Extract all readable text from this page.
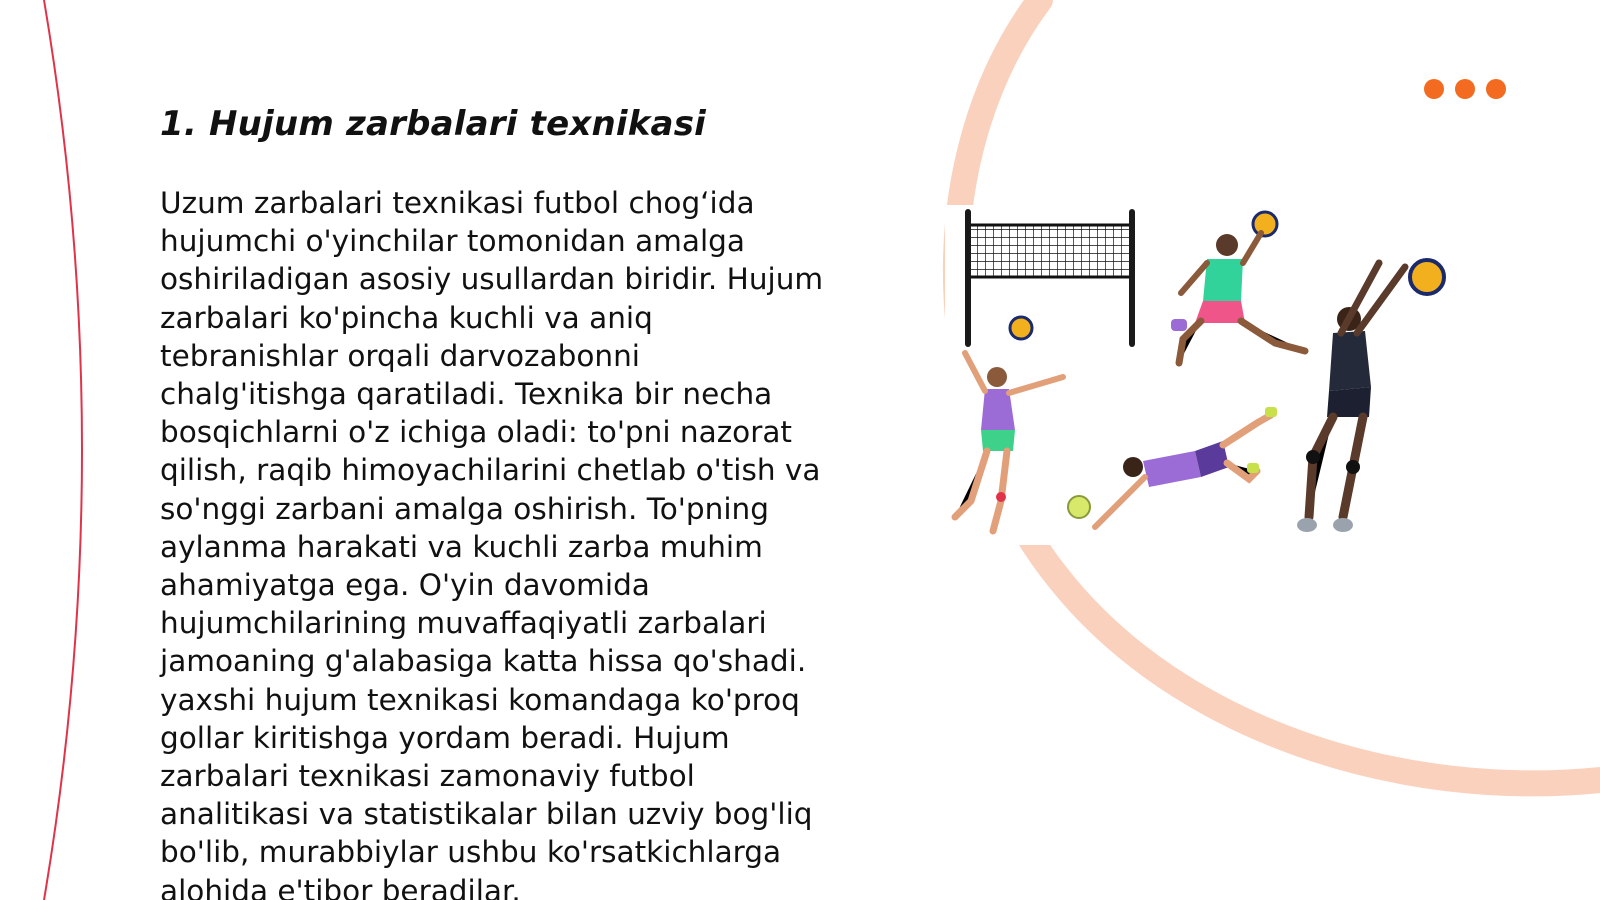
1. Hujum zarbalari texnikasi

Uzum zarbalari texnikasi futbol chog‘ida
hujumchi o'yinchilar tomonidan amalga
oshiriladigan asosiy usullardan biridir. Hujum
zarbalari ko'pincha kuchli va aniq
tebranishlar orqali darvozabonni
chalg'itishga qaratiladi. Texnika bir necha
bosqichlarni o'z ichiga oladi: to'pni nazorat
qilish, raqib himoyachilarini chetlab o'tish va
so'nggi zarbani amalga oshirish. To'pning
aylanma harakati va kuchli zarba muhim
ahamiyatga ega. O'yin davomida
hujumchilarining muvaffaqiyatli zarbalari
jamoaning g'alabasiga katta hissa qo'shadi.
yaxshi hujum texnikasi komandaga ko'proq
gollar kiritishga yordam beradi. Hujum
zarbalari texnikasi zamonaviy futbol
analitikasi va statistikalar bilan uzviy bog'liq
bo'lib, murabbiylar ushbu ko'rsatkichlarga
alohida e'tibor beradilar.
